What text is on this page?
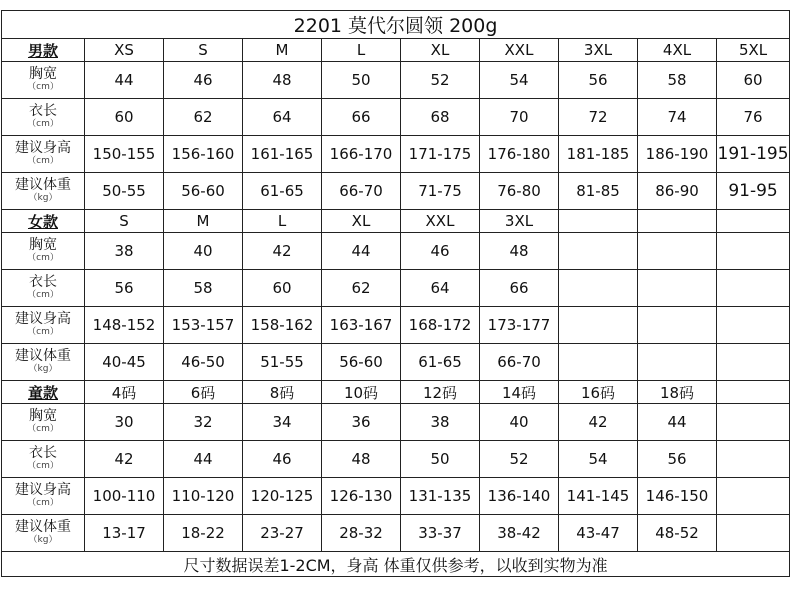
2201 莫代尔圆领 200g									
男款	XS	S	M	L	XL	XXL	3XL	4XL	5XL

胸宽
（cm）	44	46	48	50	52	54	56	58	60

衣长
（cm）	60	62	64	66	68	70	72	74	76

建议身高
（cm）	150-155	156-160	161-165	166-170	171-175	176-180	181-185	186-190	191-195

建议体重
（kg）	50-55	56-60	61-65	66-70	71-75	76-80	81-85	86-90	91-95
女款	S	M	L	XL	XXL	3XL			

胸宽
（cm）	38	40	42	44	46	48			

衣长
（cm）	56	58	60	62	64	66			

建议身高
（cm）	148-152	153-157	158-162	163-167	168-172	173-177			

建议体重
（kg）	40-45	46-50	51-55	56-60	61-65	66-70			
童款	4码	6码	8码	10码	12码	14码	16码	18码	

胸宽
（cm）	30	32	34	36	38	40	42	44	

衣长
（cm）	42	44	46	48	50	52	54	56	

建议身高
（cm）	100-110	110-120	120-125	126-130	131-135	136-140	141-145	146-150	

建议体重
（kg）	13-17	18-22	23-27	28-32	33-37	38-42	43-47	48-52	
尺寸数据误差1-2CM，身高 体重仅供参考，以收到实物为准									
